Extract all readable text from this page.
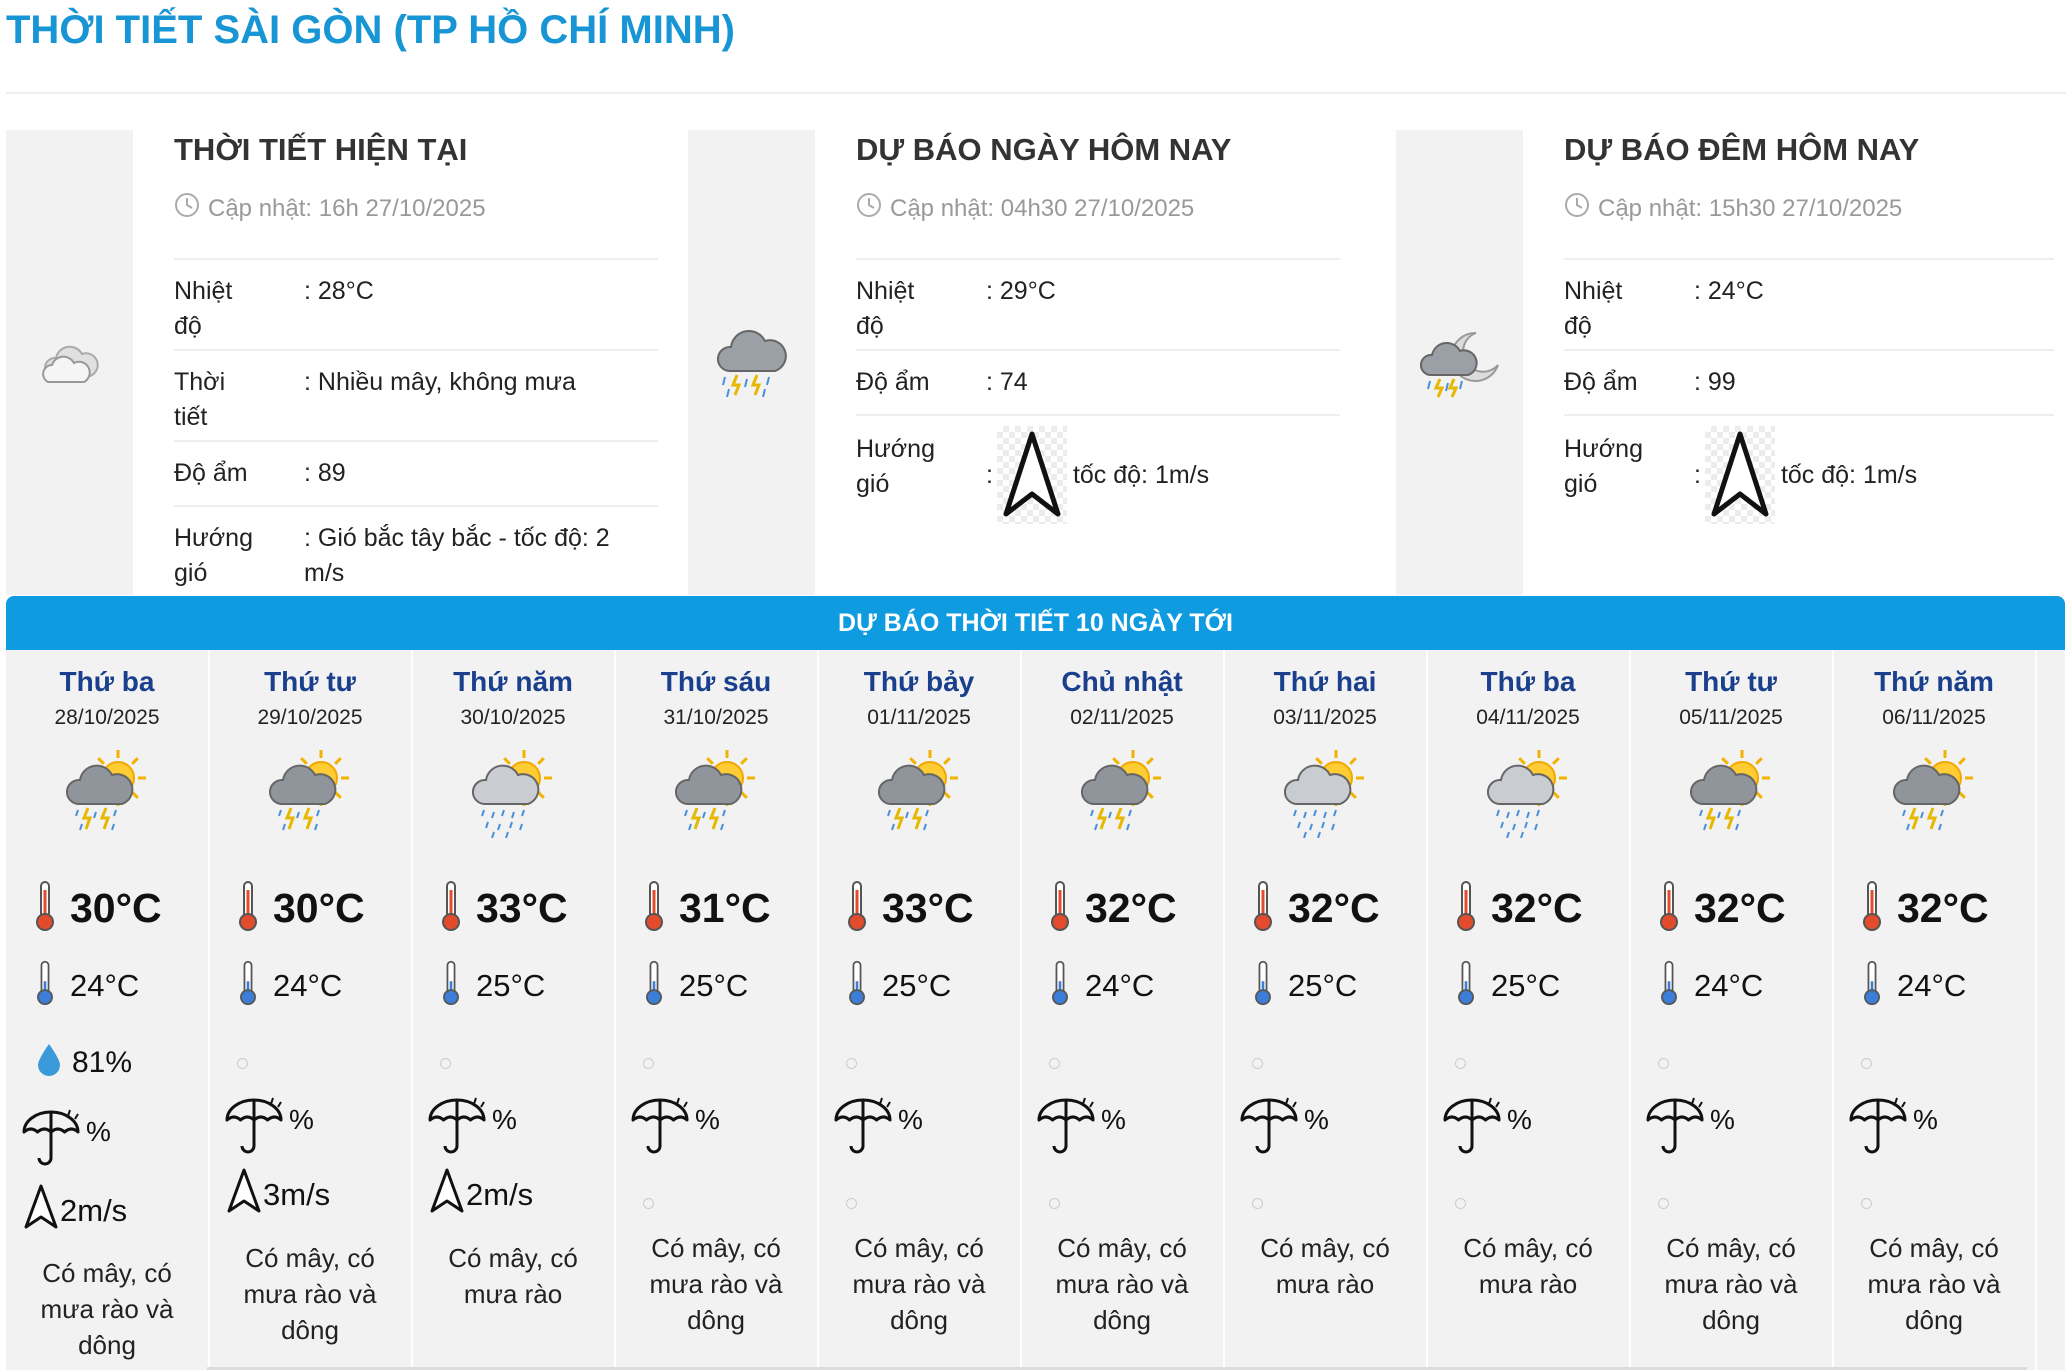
THỜI TIẾT SÀI GÒN (TP HỒ CHÍ MINH)
THỜI TIẾT HIỆN TẠI
Cập nhật: 16h 27/10/2025
Nhiệt
độ
: 28°C
Thời
tiết
: Nhiều mây, không mưa
Độ ẩm	: 89
Hướng
gió
: Gió bắc tây bắc - tốc độ: 2
m/s
DỰ BÁO NGÀY HÔM NAY
Cập nhật: 04h30 27/10/2025
Nhiệt
độ
: 29°C
Độ ẩm	: 74
Hướng
gió	:	tốc độ: 1m/s
DỰ BÁO ĐÊM HÔM NAY
Cập nhật: 15h30 27/10/2025
Nhiệt
độ
: 24°C
Độ ẩm	: 99
Hướng
gió	:	tốc độ: 1m/s
DỰ BÁO THỜI TIẾT 10 NGÀY TỚI
Thứ ba
28/10/2025
30°C
24°C
81%
%
2m/s
Có mây, có
mưa rào và
dông
Thứ tư
29/10/2025
30°C
24°C
%
3m/s
Có mây, có
mưa rào và
dông
Thứ năm
30/10/2025
33°C
25°C
%
2m/s
Có mây, có
mưa rào
Thứ sáu
31/10/2025
31°C
25°C
%
Có mây, có
mưa rào và
dông
Thứ bảy
01/11/2025
33°C
25°C
%
Có mây, có
mưa rào và
dông
Chủ nhật
02/11/2025
32°C
24°C
%
Có mây, có
mưa rào và
dông
Thứ hai
03/11/2025
32°C
25°C
%
Có mây, có
mưa rào
Thứ ba
04/11/2025
32°C
25°C
%
Có mây, có
mưa rào
Thứ tư
05/11/2025
32°C
24°C
%
Có mây, có
mưa rào và
dông
Thứ năm
06/11/2025
32°C
24°C
%
Có mây, có
mưa rào và
dông
